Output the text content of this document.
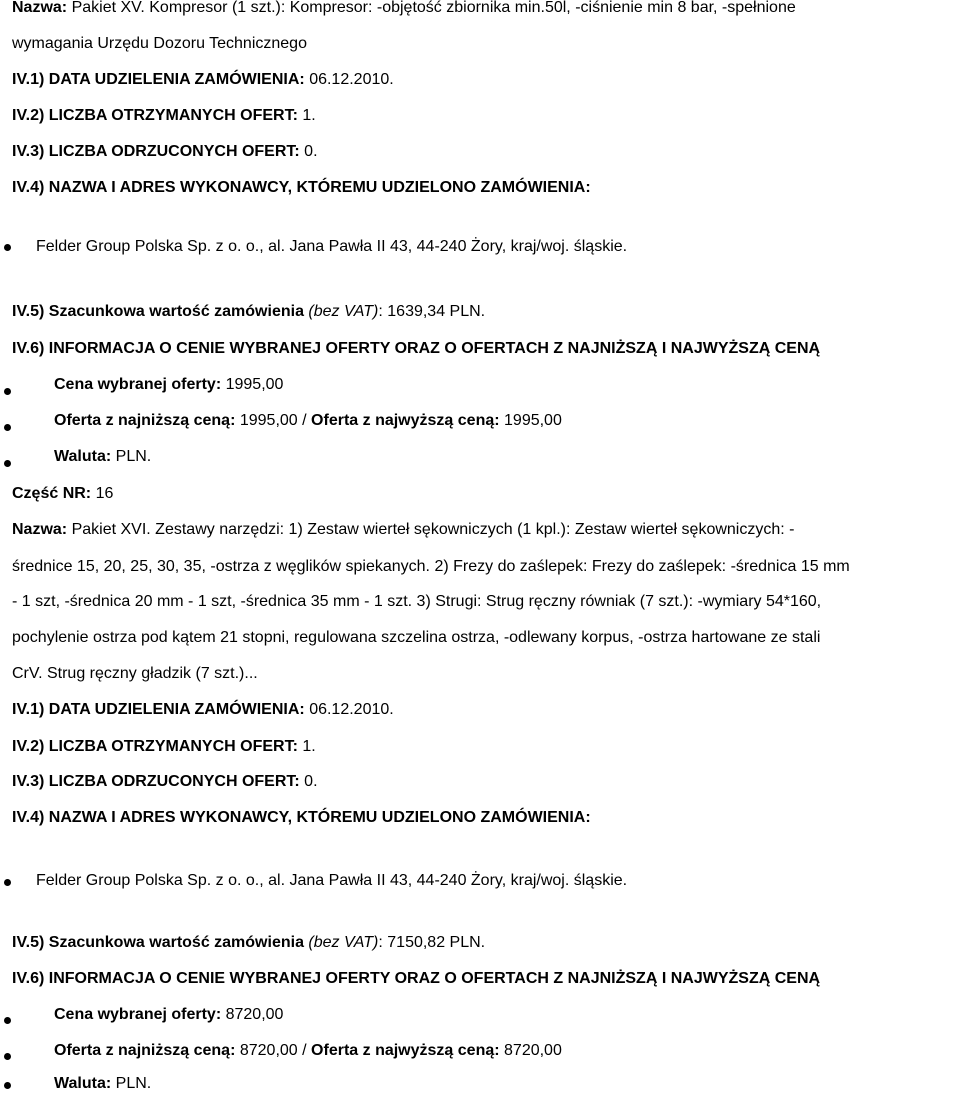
Nazwa: Pakiet XV. Kompresor (1 szt.): Kompresor: -objętość zbiornika min.50l, -ciśnienie min 8 bar, -spełnione
wymagania Urzędu Dozoru Technicznego
IV.1) DATA UDZIELENIA ZAMÓWIENIA: 06.12.2010.
IV.2) LICZBA OTRZYMANYCH OFERT: 1.
IV.3) LICZBA ODRZUCONYCH OFERT: 0.
IV.4) NAZWA I ADRES WYKONAWCY, KTÓREMU UDZIELONO ZAMÓWIENIA:
Felder Group Polska Sp. z o. o., al. Jana Pawła II 43, 44-240 Żory, kraj/woj. śląskie.
IV.5) Szacunkowa wartość zamówienia (bez VAT): 1639,34 PLN.
IV.6) INFORMACJA O CENIE WYBRANEJ OFERTY ORAZ O OFERTACH Z NAJNIŻSZĄ I NAJWYŻSZĄ CENĄ
Cena wybranej oferty: 1995,00
Oferta z najniższą ceną: 1995,00 / Oferta z najwyższą ceną: 1995,00
Waluta: PLN.
Część NR: 16
Nazwa: Pakiet XVI. Zestawy narzędzi: 1) Zestaw wierteł sękowniczych (1 kpl.): Zestaw wierteł sękowniczych: -
średnice 15, 20, 25, 30, 35, -ostrza z węglików spiekanych. 2) Frezy do zaślepek: Frezy do zaślepek: -średnica 15 mm
- 1 szt, -średnica 20 mm - 1 szt, -średnica 35 mm - 1 szt. 3) Strugi: Strug ręczny równiak (7 szt.): -wymiary 54*160,
pochylenie ostrza pod kątem 21 stopni, regulowana szczelina ostrza, -odlewany korpus, -ostrza hartowane ze stali
CrV. Strug ręczny gładzik (7 szt.)...
IV.1) DATA UDZIELENIA ZAMÓWIENIA: 06.12.2010.
IV.2) LICZBA OTRZYMANYCH OFERT: 1.
IV.3) LICZBA ODRZUCONYCH OFERT: 0.
IV.4) NAZWA I ADRES WYKONAWCY, KTÓREMU UDZIELONO ZAMÓWIENIA:
Felder Group Polska Sp. z o. o., al. Jana Pawła II 43, 44-240 Żory, kraj/woj. śląskie.
IV.5) Szacunkowa wartość zamówienia (bez VAT): 7150,82 PLN.
IV.6) INFORMACJA O CENIE WYBRANEJ OFERTY ORAZ O OFERTACH Z NAJNIŻSZĄ I NAJWYŻSZĄ CENĄ
Cena wybranej oferty: 8720,00
Oferta z najniższą ceną: 8720,00 / Oferta z najwyższą ceną: 8720,00
Waluta: PLN.
